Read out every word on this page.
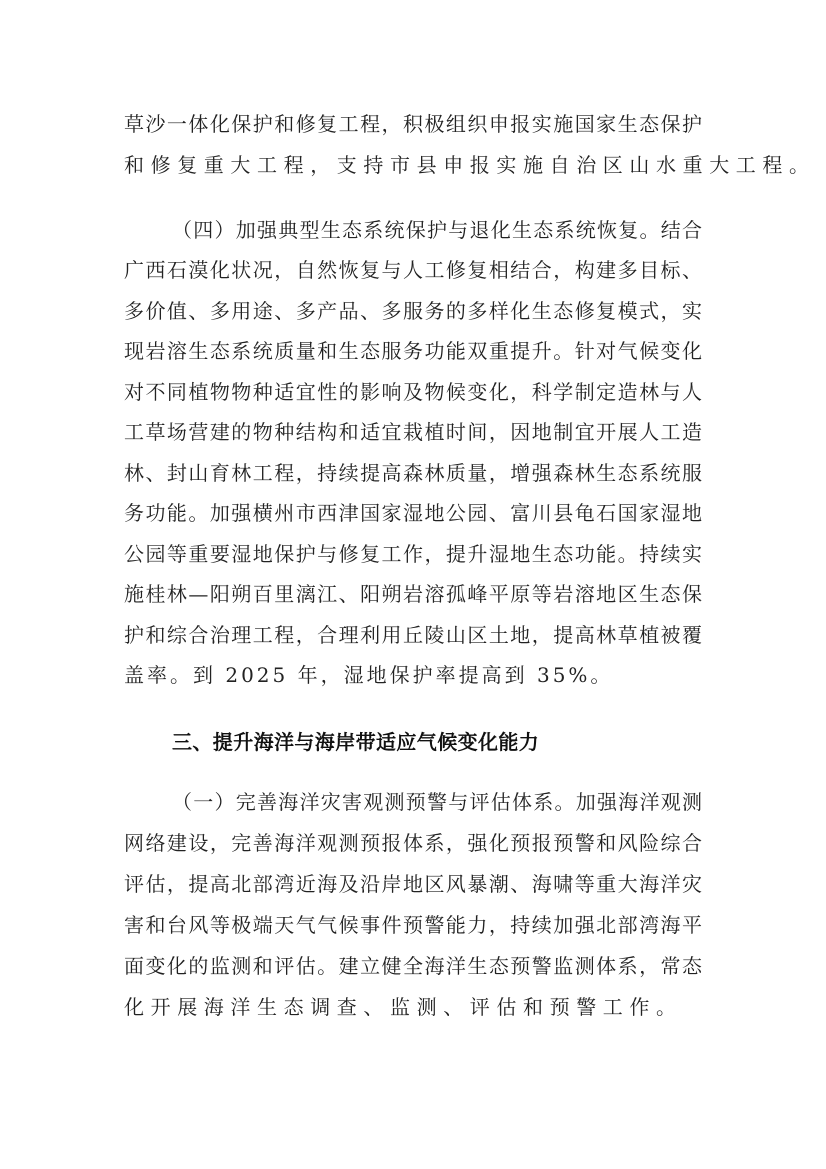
草沙一体化保护和修复工程，积极组织申报实施国家生态保护
和修复重大工程，支持市县申报实施自治区山水重大工程。
（四）加强典型生态系统保护与退化生态系统恢复。结合
广西石漠化状况，自然恢复与人工修复相结合，构建多目标、
多价值、多用途、多产品、多服务的多样化生态修复模式，实
现岩溶生态系统质量和生态服务功能双重提升。针对气候变化
对不同植物物种适宜性的影响及物候变化，科学制定造林与人
工草场营建的物种结构和适宜栽植时间，因地制宜开展人工造
林、封山育林工程，持续提高森林质量，增强森林生态系统服
务功能。加强横州市西津国家湿地公园、富川县龟石国家湿地
公园等重要湿地保护与修复工作，提升湿地生态功能。持续实
施桂林—阳朔百里漓江、阳朔岩溶孤峰平原等岩溶地区生态保
护和综合治理工程，合理利用丘陵山区土地，提高林草植被覆
盖率。到 2025 年，湿地保护率提高到 35%。
三、提升海洋与海岸带适应气候变化能力
（一）完善海洋灾害观测预警与评估体系。加强海洋观测
网络建设，完善海洋观测预报体系，强化预报预警和风险综合
评估，提高北部湾近海及沿岸地区风暴潮、海啸等重大海洋灾
害和台风等极端天气气候事件预警能力，持续加强北部湾海平
面变化的监测和评估。建立健全海洋生态预警监测体系，常态
化开展海洋生态调查、监测、评估和预警工作。
